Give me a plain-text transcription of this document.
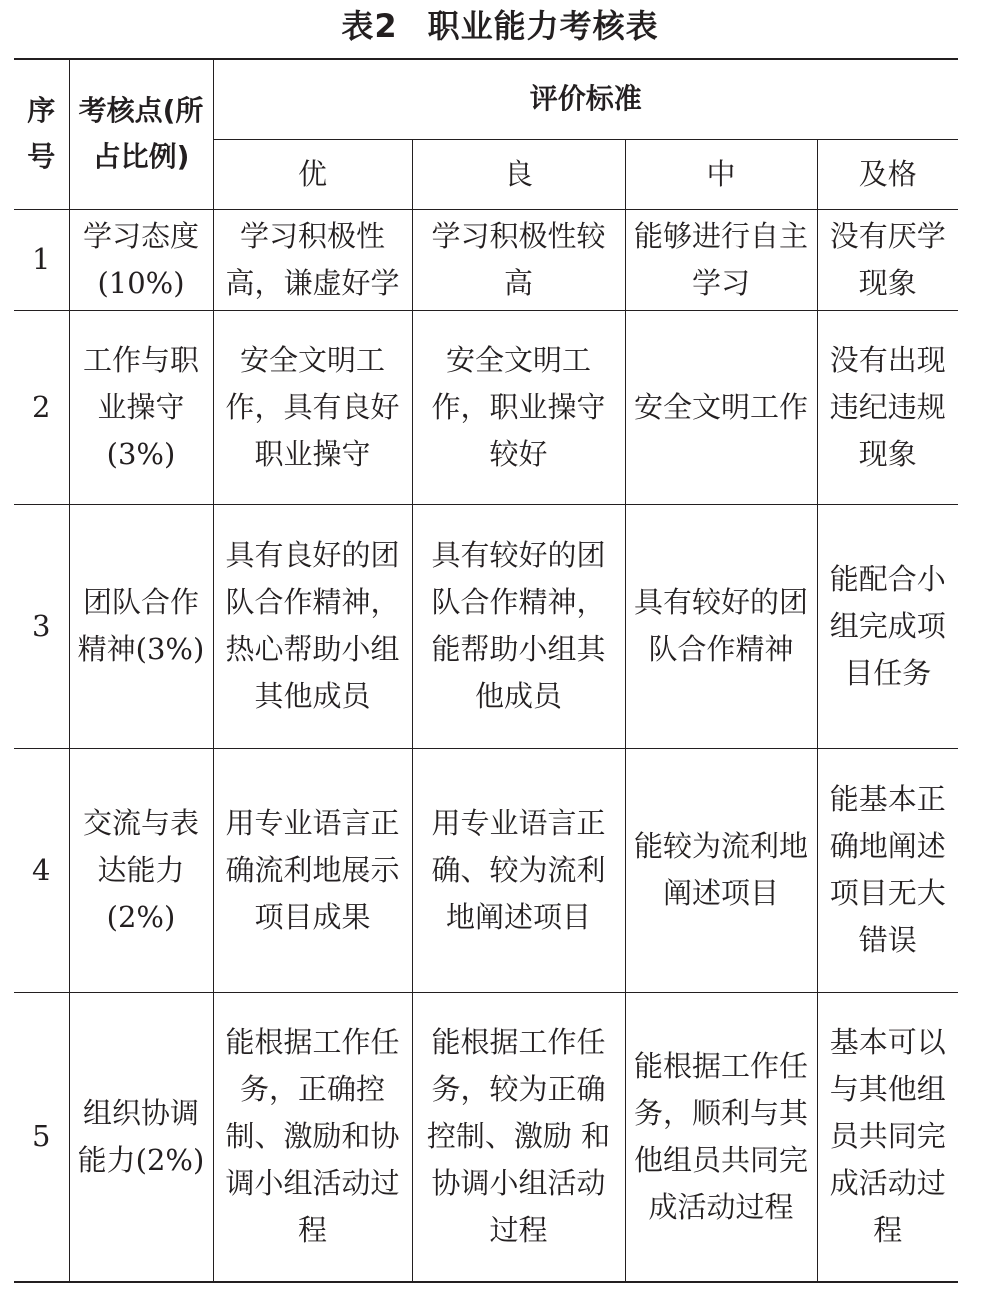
表2 职业能力考核表
序号	考核点(所占比例)	评价标准			
		优	良	中	及格
1	学习态度(10%)	学习积极性高，谦虚好学	学习积极性较高	能够进行自主学习	没有厌学现象
2	工作与职业操守(3%)	安全文明工作，具有良好职业操守	安全文明工作，职业操守较好	安全文明工作	没有出现违纪违规现象
3	团队合作精神(3%)	具有良好的团队合作精神，热心帮助小组其他成员	具有较好的团队合作精神，能帮助小组其他成员	具有较好的团队合作精神	能配合小组完成项目任务
4	交流与表达能力(2%)	用专业语言正确流利地展示项目成果	用专业语言正确、较为流利地阐述项目	能较为流利地阐述项目	能基本正确地阐述项目无大错误
5	组织协调能力(2%)	能根据工作任务，正确控制、激励和协调小组活动过程	能根据工作任务，较为正确控制、激励 和协调小组活动过程	能根据工作任务，顺利与其他组员共同完成活动过程	基本可以与其他组员共同完成活动过程
